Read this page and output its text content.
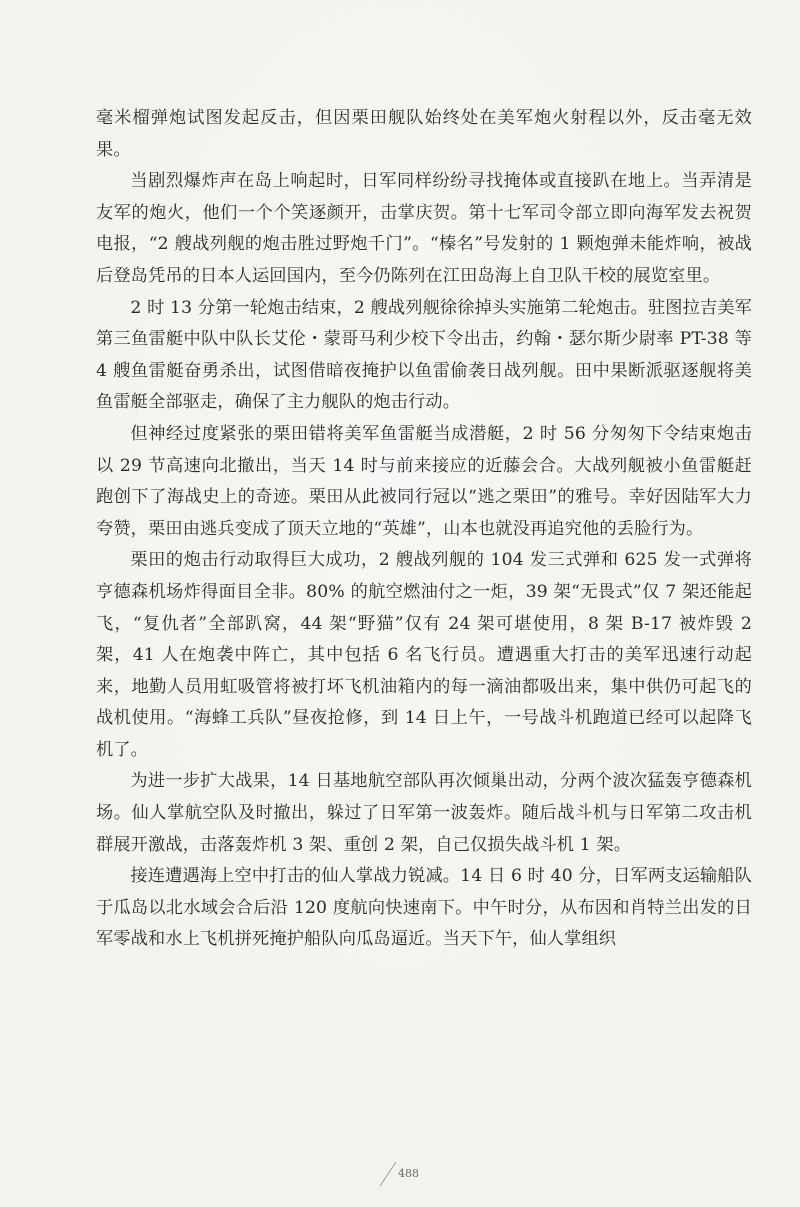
毫米榴弹炮试图发起反击，但因栗田舰队始终处在美军炮火射程以外，反击毫无效果。

当剧烈爆炸声在岛上响起时，日军同样纷纷寻找掩体或直接趴在地上。当弄清是友军的炮火，他们一个个笑逐颜开，击掌庆贺。第十七军司令部立即向海军发去祝贺电报，“2 艘战列舰的炮击胜过野炮千门”。“榛名”号发射的 1 颗炮弹未能炸响，被战后登岛凭吊的日本人运回国内，至今仍陈列在江田岛海上自卫队干校的展览室里。

2 时 13 分第一轮炮击结束，2 艘战列舰徐徐掉头实施第二轮炮击。驻图拉吉美军第三鱼雷艇中队中队长艾伦・蒙哥马利少校下令出击，约翰・瑟尔斯少尉率 PT-38 等 4 艘鱼雷艇奋勇杀出，试图借暗夜掩护以鱼雷偷袭日战列舰。田中果断派驱逐舰将美鱼雷艇全部驱走，确保了主力舰队的炮击行动。

但神经过度紧张的栗田错将美军鱼雷艇当成潜艇，2 时 56 分匆匆下令结束炮击以 29 节高速向北撤出，当天 14 时与前来接应的近藤会合。大战列舰被小鱼雷艇赶跑创下了海战史上的奇迹。栗田从此被同行冠以“逃之栗田”的雅号。幸好因陆军大力夸赞，栗田由逃兵变成了顶天立地的“英雄”，山本也就没再追究他的丢脸行为。

栗田的炮击行动取得巨大成功，2 艘战列舰的 104 发三式弹和 625 发一式弹将亨德森机场炸得面目全非。80% 的航空燃油付之一炬，39 架“无畏式”仅 7 架还能起飞，“复仇者”全部趴窝，44 架“野猫”仅有 24 架可堪使用，8 架 B-17 被炸毁 2 架，41 人在炮袭中阵亡，其中包括 6 名飞行员。遭遇重大打击的美军迅速行动起来，地勤人员用虹吸管将被打坏飞机油箱内的每一滴油都吸出来，集中供仍可起飞的战机使用。“海蜂工兵队”昼夜抢修，到 14 日上午，一号战斗机跑道已经可以起降飞机了。

为进一步扩大战果，14 日基地航空部队再次倾巢出动，分两个波次猛轰亨德森机场。仙人掌航空队及时撤出，躲过了日军第一波轰炸。随后战斗机与日军第二攻击机群展开激战，击落轰炸机 3 架、重创 2 架，自己仅损失战斗机 1 架。

接连遭遇海上空中打击的仙人掌战力锐减。14 日 6 时 40 分，日军两支运输船队于瓜岛以北水域会合后沿 120 度航向快速南下。中午时分，从布因和肖特兰出发的日军零战和水上飞机拼死掩护船队向瓜岛逼近。当天下午，仙人掌组织

488
